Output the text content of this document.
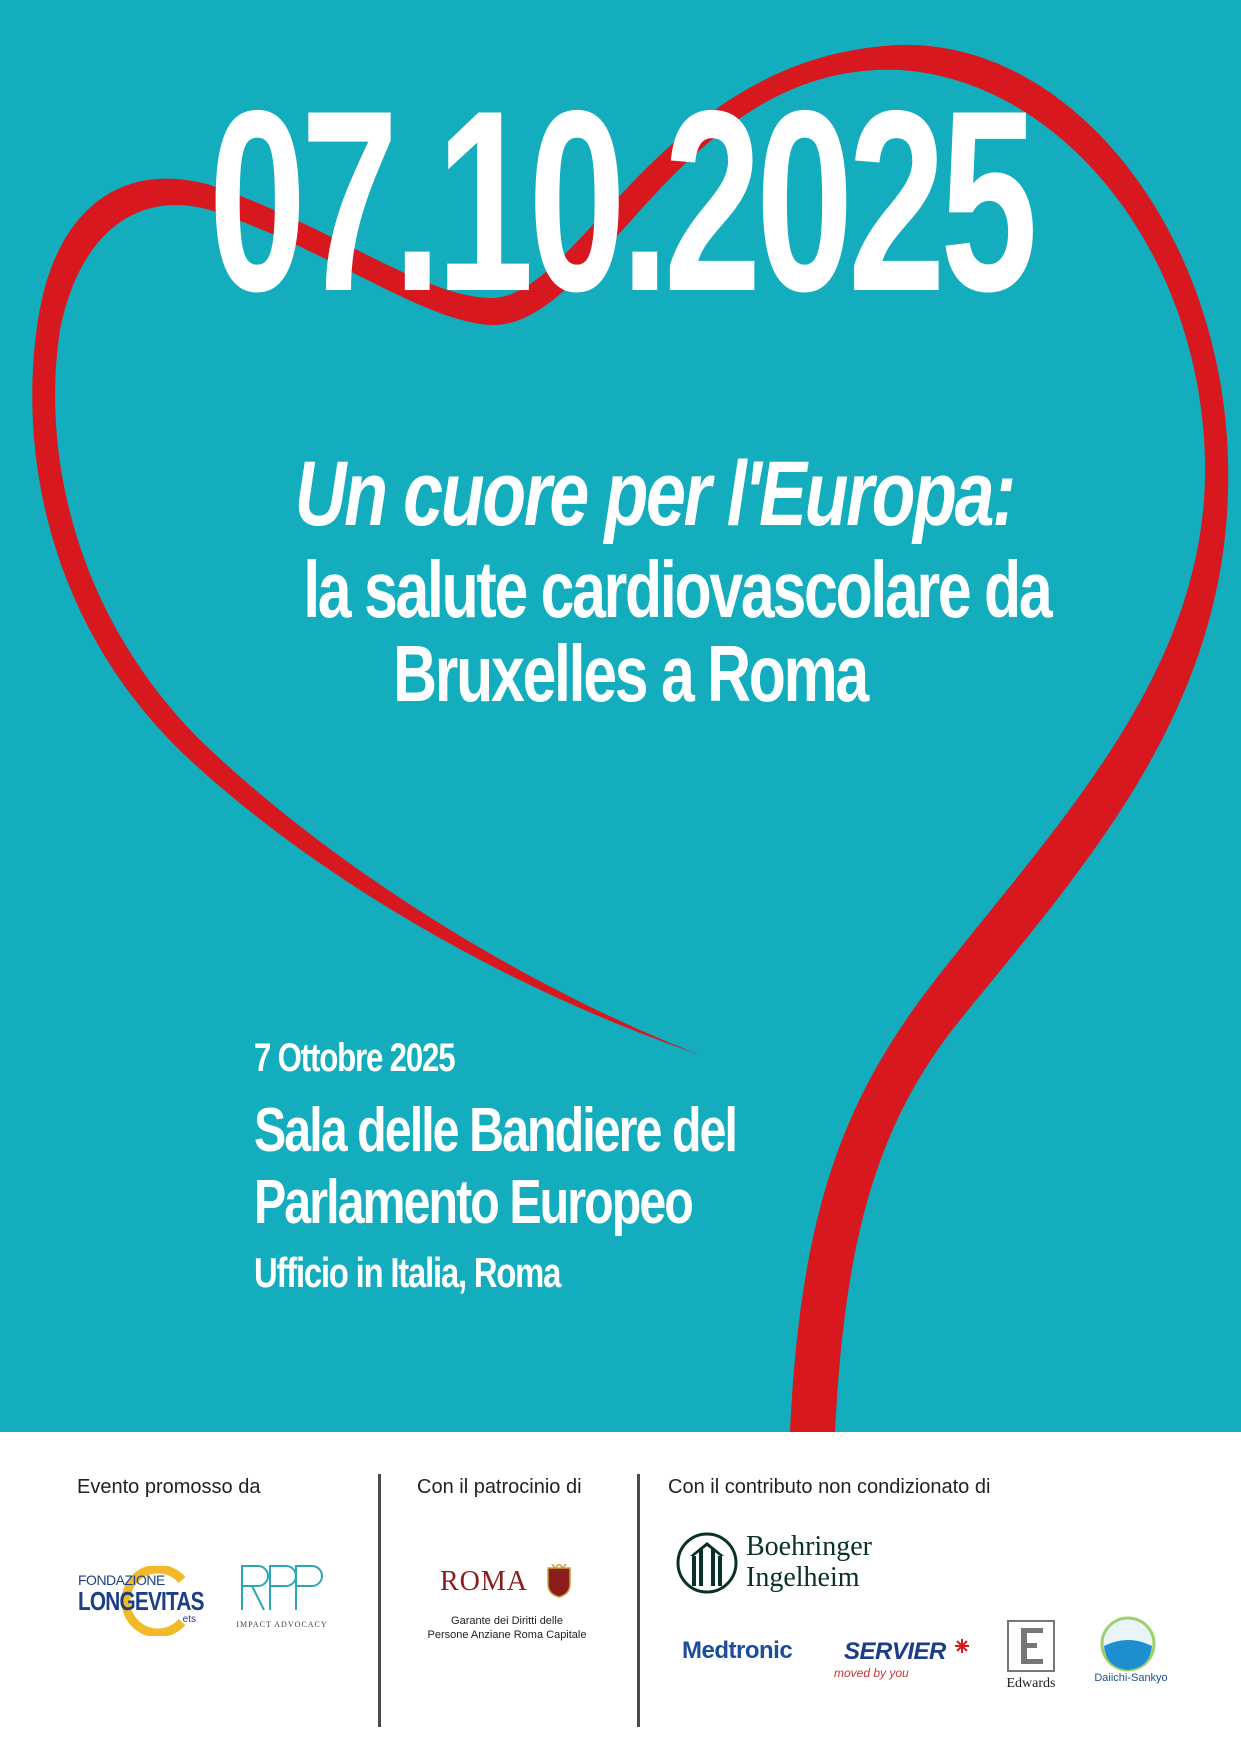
07.10.2025
Un cuore per l'Europa:
la salute cardiovascolare da
Bruxelles a Roma
7 Ottobre 2025
Sala delle Bandiere del
Parlamento Europeo
Ufficio in Italia, Roma
Evento promosso da	Con il patrocinio di	Con il contributo non condizionato di
FONDAZIONE
LONGEVITAS
ets	IMPACT ADVOCACY
ROMA
Garante dei Diritti delle
Persone Anziane Roma Capitale
Boehringer
Ingelheim
Medtronic SERVIER
moved by you
Edwards	Daiichi-Sankyo
